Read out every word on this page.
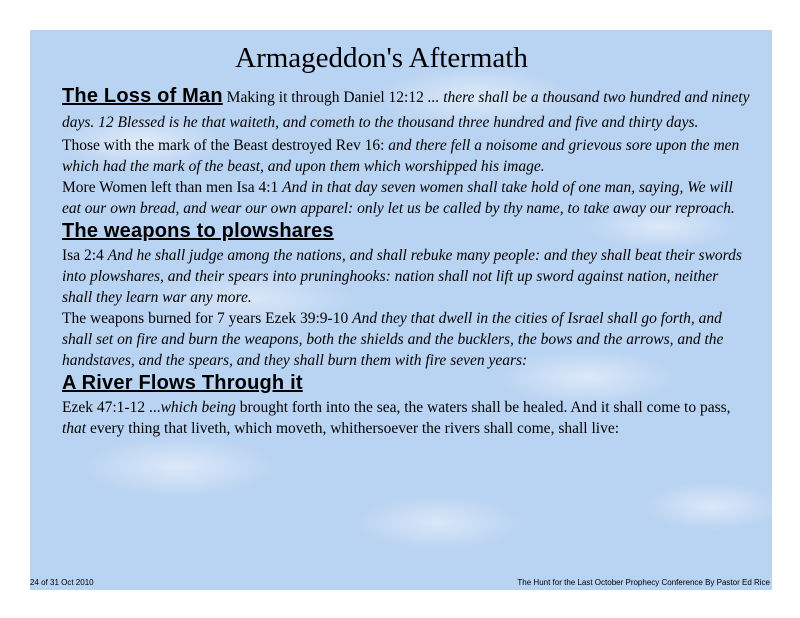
Armageddon's Aftermath

The Loss of Man Making it through Daniel 12:12 ... there shall be a thousand two hundred and ninety days. 12 Blessed is he that waiteth, and cometh to the thousand three hundred and five and thirty days.

Those with the mark of the Beast destroyed Rev 16: and there fell a noisome and grievous sore upon the men which had the mark of the beast, and upon them which worshipped his image.

More Women left than men Isa 4:1 And in that day seven women shall take hold of one man, saying, We will eat our own bread, and wear our own apparel: only let us be called by thy name, to take away our reproach.

The weapons to plowshares

Isa 2:4 And he shall judge among the nations, and shall rebuke many people: and they shall beat their swords into plowshares, and their spears into pruninghooks: nation shall not lift up sword against nation, neither shall they learn war any more.

The weapons burned for 7 years Ezek 39:9-10 And they that dwell in the cities of Israel shall go forth, and shall set on fire and burn the weapons, both the shields and the bucklers, the bows and the arrows, and the handstaves, and the spears, and they shall burn them with fire seven years:

A River Flows Through it

Ezek 47:1-12 ...which being brought forth into the sea, the waters shall be healed. And it shall come to pass, that every thing that liveth, which moveth, whithersoever the rivers shall come, shall live:

24 of 31 Oct 2010	The Hunt for the Last October Prophecy Conference By Pastor Ed Rice
